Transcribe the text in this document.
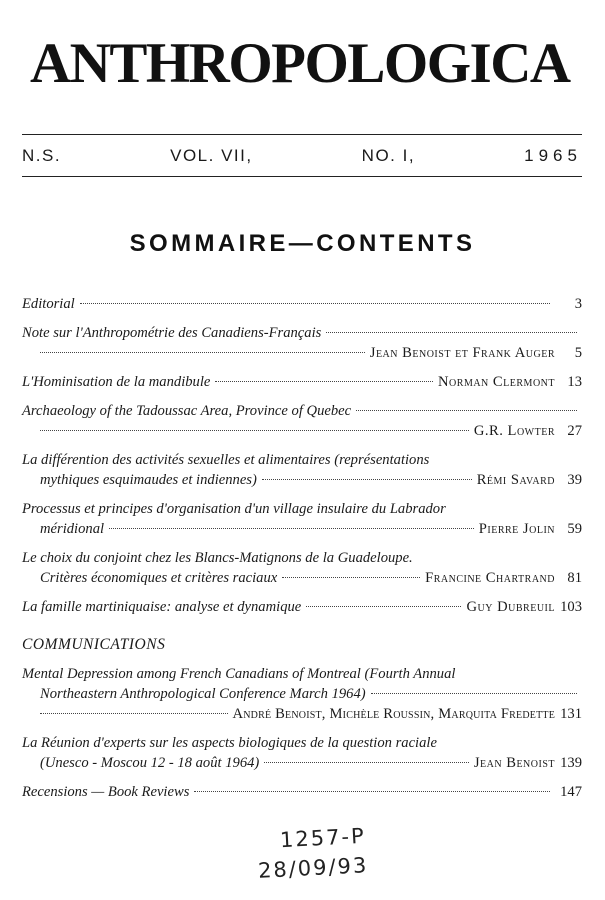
ANTHROPOLOGICA
N.S.	VOL. VII,	NO. I,	1965
SOMMAIRE—CONTENTS
Editorial	3
Note sur l'Anthropométrie des Canadiens-Français
Jean Benoist et Frank Auger	5
L'Hominisation de la mandibule	Norman Clermont 13
Archaeology of the Tadoussac Area, Province of Quebec
G.R. Lowter 27
La différention des activités sexuelles et alimentaires (représentations
mythiques esquimaudes et indiennes)	Rémi Savard 39
Processus et principes d'organisation d'un village insulaire du Labrador
méridional	Pierre Jolin 59
Le choix du conjoint chez les Blancs-Matignons de la Guadeloupe.
Critères économiques et critères raciaux	Francine Chartrand 81
La famille martiniquaise: analyse et dynamique	Guy Dubreuil 103
COMMUNICATIONS
Mental Depression among French Canadians of Montreal (Fourth Annual
Northeastern Anthropological Conference March 1964)
André Benoist, Michèle Roussin, Marquita Fredette 131
La Réunion d'experts sur les aspects biologiques de la question raciale
(Unesco - Moscou 12 - 18 août 1964)	Jean Benoist 139
Recensions — Book Reviews	147
1257-P
28/09/93
